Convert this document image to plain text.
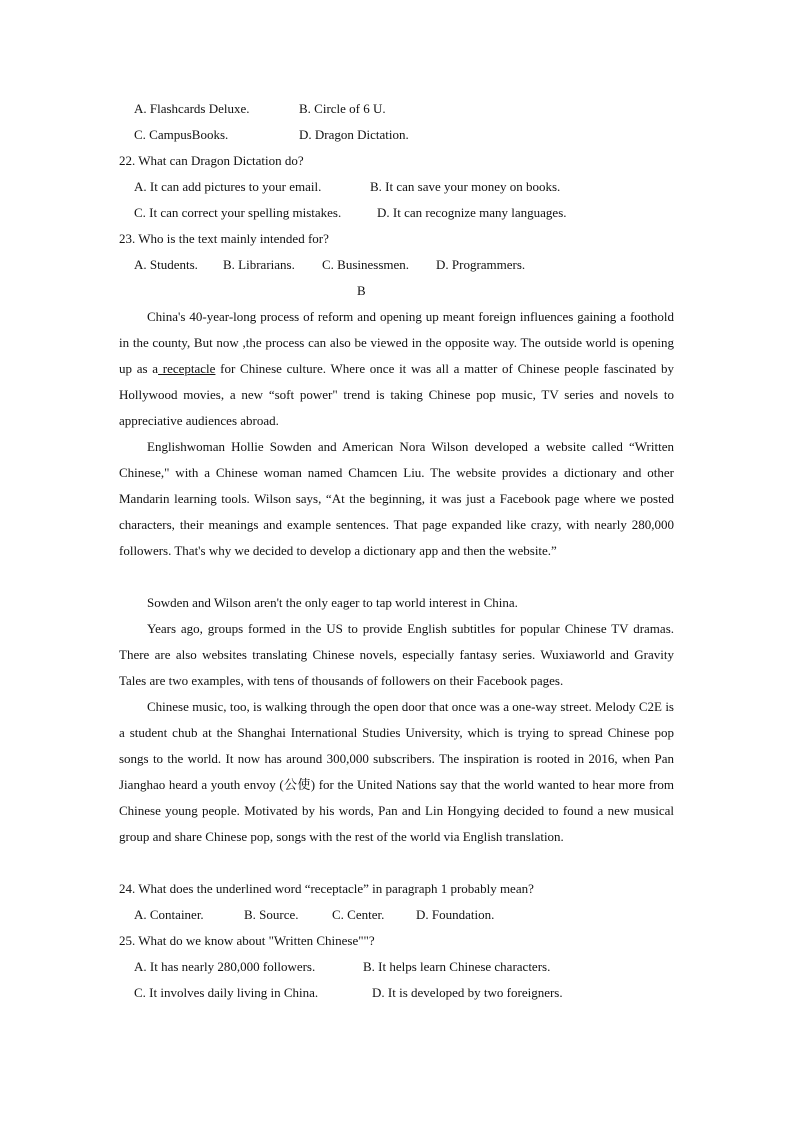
A. Flashcards Deluxe.	B. Circle of 6 U.
C. CampusBooks.	D. Dragon Dictation.
22. What can Dragon Dictation do?
A. It can add pictures to your email.	B. It can save your money on books.
C. It can correct your spelling mistakes.	D. It can recognize many languages.
23. Who is the text mainly intended for?
A. Students. B. Librarians. C. Businessmen. D. Programmers.
B
China's 40-year-long process of reform and opening up meant foreign influences gaining a foothold in the county, But now ,the process can also be viewed in the opposite way. The outside world is opening up as a receptacle for Chinese culture. Where once it was all a matter of Chinese people fascinated by Hollywood movies, a new “soft power" trend is taking Chinese pop music, TV series and novels to appreciative audiences abroad.
Englishwoman Hollie Sowden and American Nora Wilson developed a website called “Written Chinese," with a Chinese woman named Chamcen Liu. The website provides a dictionary and other Mandarin learning tools. Wilson says, “At the beginning, it was just a Facebook page where we posted characters, their meanings and example sentences. That page expanded like crazy, with nearly 280,000 followers. That's why we decided to develop a dictionary app and then the website.”
Sowden and Wilson aren't the only eager to tap world interest in China.
Years ago, groups formed in the US to provide English subtitles for popular Chinese TV dramas. There are also websites translating Chinese novels, especially fantasy series. Wuxiaworld and Gravity Tales are two examples, with tens of thousands of followers on their Facebook pages.
Chinese music, too, is walking through the open door that once was a one-way street. Melody C2E is a student chub at the Shanghai International Studies University, which is trying to spread Chinese pop songs to the world. It now has around 300,000 subscribers. The inspiration is rooted in 2016, when Pan Jianghao heard a youth envoy (公使) for the United Nations say that the world wanted to hear more from Chinese young people. Motivated by his words, Pan and Lin Hongying decided to found a new musical group and share Chinese pop, songs with the rest of the world via English translation.
24. What does the underlined word “receptacle” in paragraph 1 probably mean?
A. Container.	B. Source.	C. Center. D. Foundation.
25. What do we know about "Written Chinese""?
A. It has nearly 280,000 followers.	B. It helps learn Chinese characters.
C. It involves daily living in China.	D. It is developed by two foreigners.
